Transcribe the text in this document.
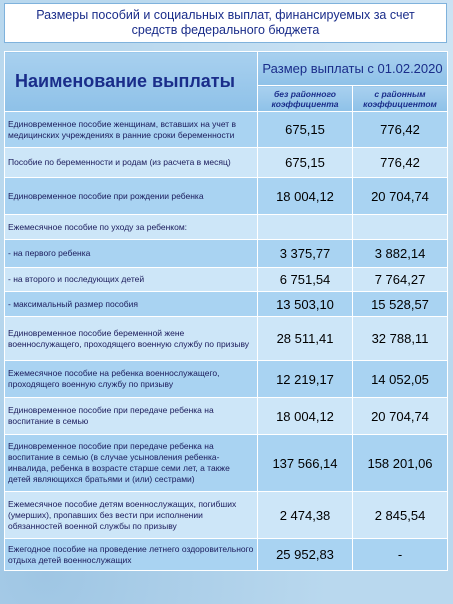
Размеры пособий и социальных выплат, финансируемых за счет средств федерального бюджета
Наименование выплаты	Размер выплаты с 01.02.2020	
	без районного коэффициента	с районным коэффициентом
Единовременное пособие женщинам, вставших на учет в медицинских учреждениях в ранние сроки беременности	675,15	776,42
Пособие по беременности и родам (из расчета в месяц)	675,15	776,42
Единовременное пособие при рождении ребенка	18 004,12	20 704,74
Ежемесячное пособие по уходу за ребенком:		
- на первого ребенка	3 375,77	3 882,14
- на второго и последующих детей	6 751,54	7 764,27
- максимальный размер пособия	13 503,10	15 528,57
Единовременное пособие беременной жене военнослужащего, проходящего военную службу по призыву	28 511,41	32 788,11
Ежемесячное пособие на ребенка военнослужащего, проходящего военную службу по призыву	12 219,17	14 052,05
Единовременное пособие при передаче ребенка на воспитание в семью	18 004,12	20 704,74
Единовременное пособие при передаче ребенка на воспитание в семью (в случае усыновления ребенка-инвалида, ребенка в возрасте старше семи лет, а также детей являющихся братьями и (или) сестрами)	137 566,14	158 201,06
Ежемесячное пособие детям военнослужащих, погибших (умерших), пропавших без вести при исполнении обязанностей военной службы по призыву	2 474,38	2 845,54
Ежегодное пособие на проведение летнего оздоровительного отдыха детей военнослужащих	25 952,83	-
